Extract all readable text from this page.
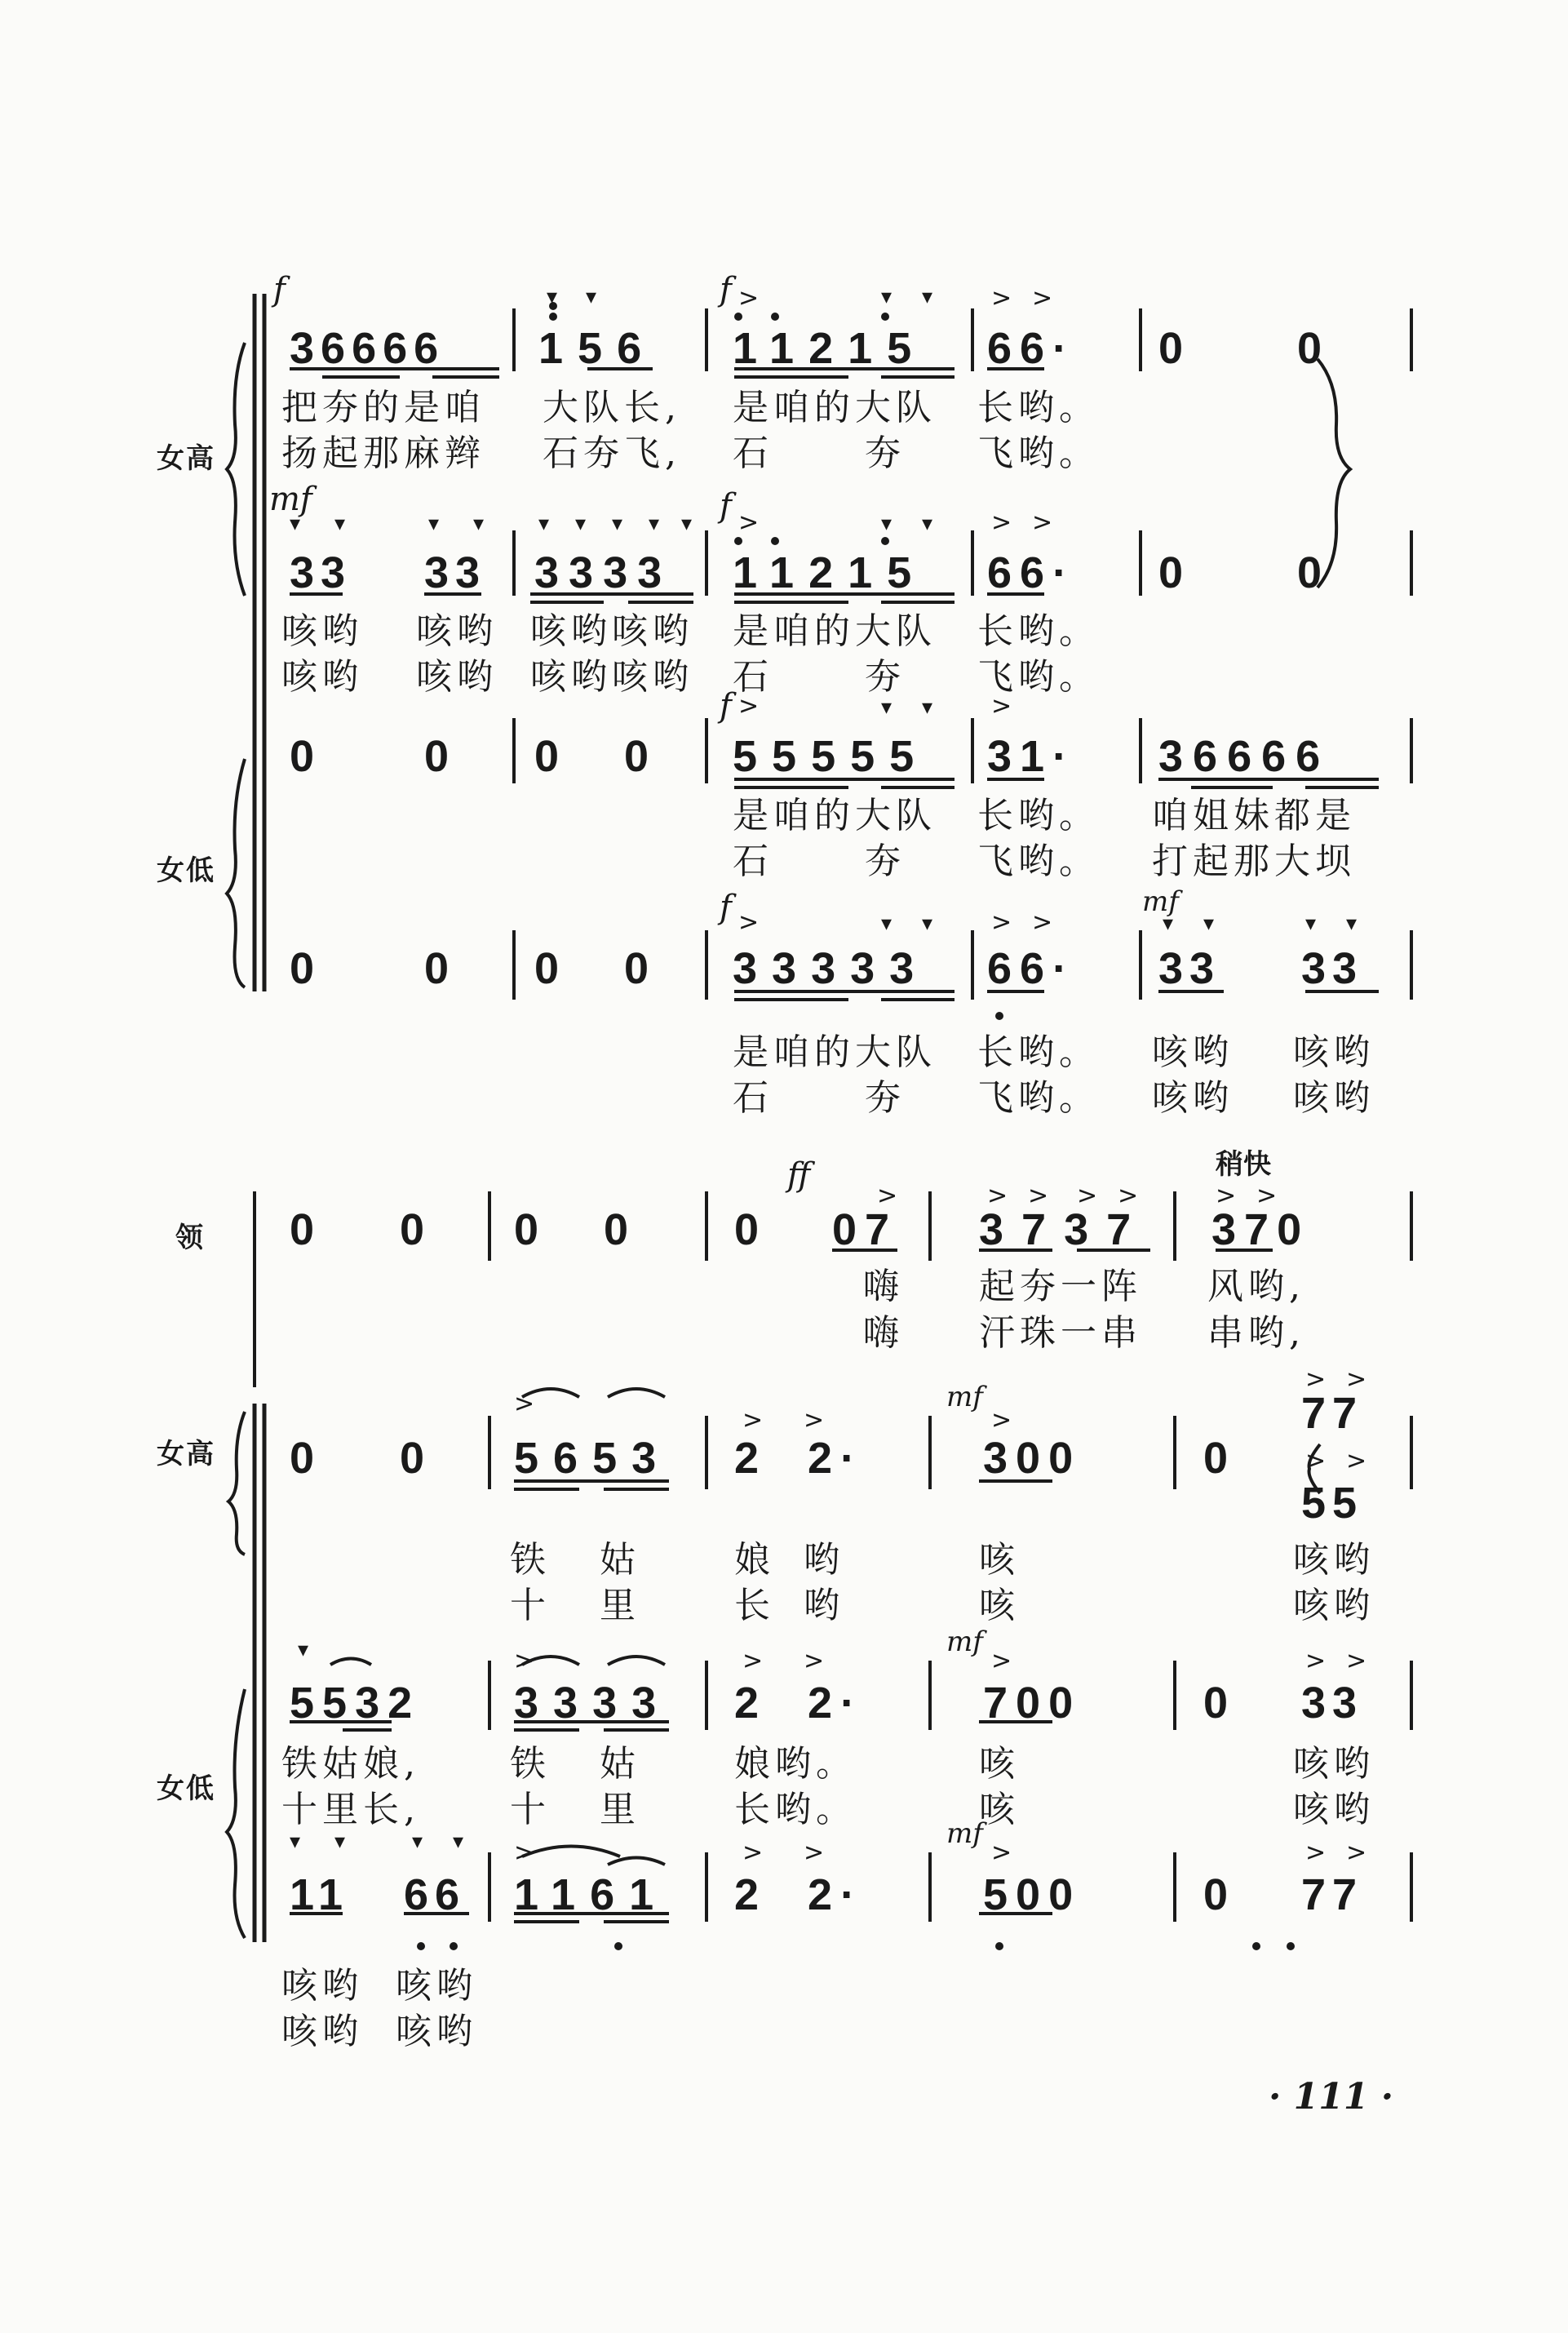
▾ ▾	▾ ▾
▾ ▾	▾ ▾	▾ ▾ ▾ ▾ ▾	▾ ▾
▾ ▾
▾ ▾	▾ ▾	▾ ▾
▾
▾ ▾	▾ ▾
>	> >
>	> >
>	>
>	> >
>	> > > >	> >
>
> >	>
> >
> >
>	> >	>	> >
>	> >	>	> >
女高
女低
f
36666 156
f
11215 66· 0	0
把夯的是咱 大队长, 是咱的大队 长哟。
扬起那麻辫 石夯飞, 石	夯 飞哟。
mf
33 33 3333
f
11215 66· 0	0
咳哟 咳哟 咳哟咳哟 是咱的大队 长哟。
咳哟 咳哟 咳哟咳哟 石	夯 飞哟。
0 0 0 0
f
55555 31· 36666
是咱的大队 长哟。 咱姐妹都是
石	夯 飞哟。 打起那大坝
0 0 0 0
f
33333 66·
mf
33 33
是咱的大队 长哟。 咳哟 咳哟
石	夯 飞哟。 咳哟 咳哟
领
女高
女低
0 0 0 0
ff
0 07 3737
稍快
370
嗨 起夯一阵 风哟,
嗨 汗珠一串 串哟,
0 0 5653 2  2·
mf
300	0
77
55
铁 姑	娘 哟	咳	咳哟
十 里	长 哟	咳	咳哟
5532 3333 2  2·
mf
700	0 33
铁姑娘,	铁 姑	娘哟。	咳	咳哟
十里长,	十 里	长哟。	咳	咳哟
11 66 1161 2  2·
mf
500	0 77
咳哟 咳哟
咳哟 咳哟
· 111 ·
